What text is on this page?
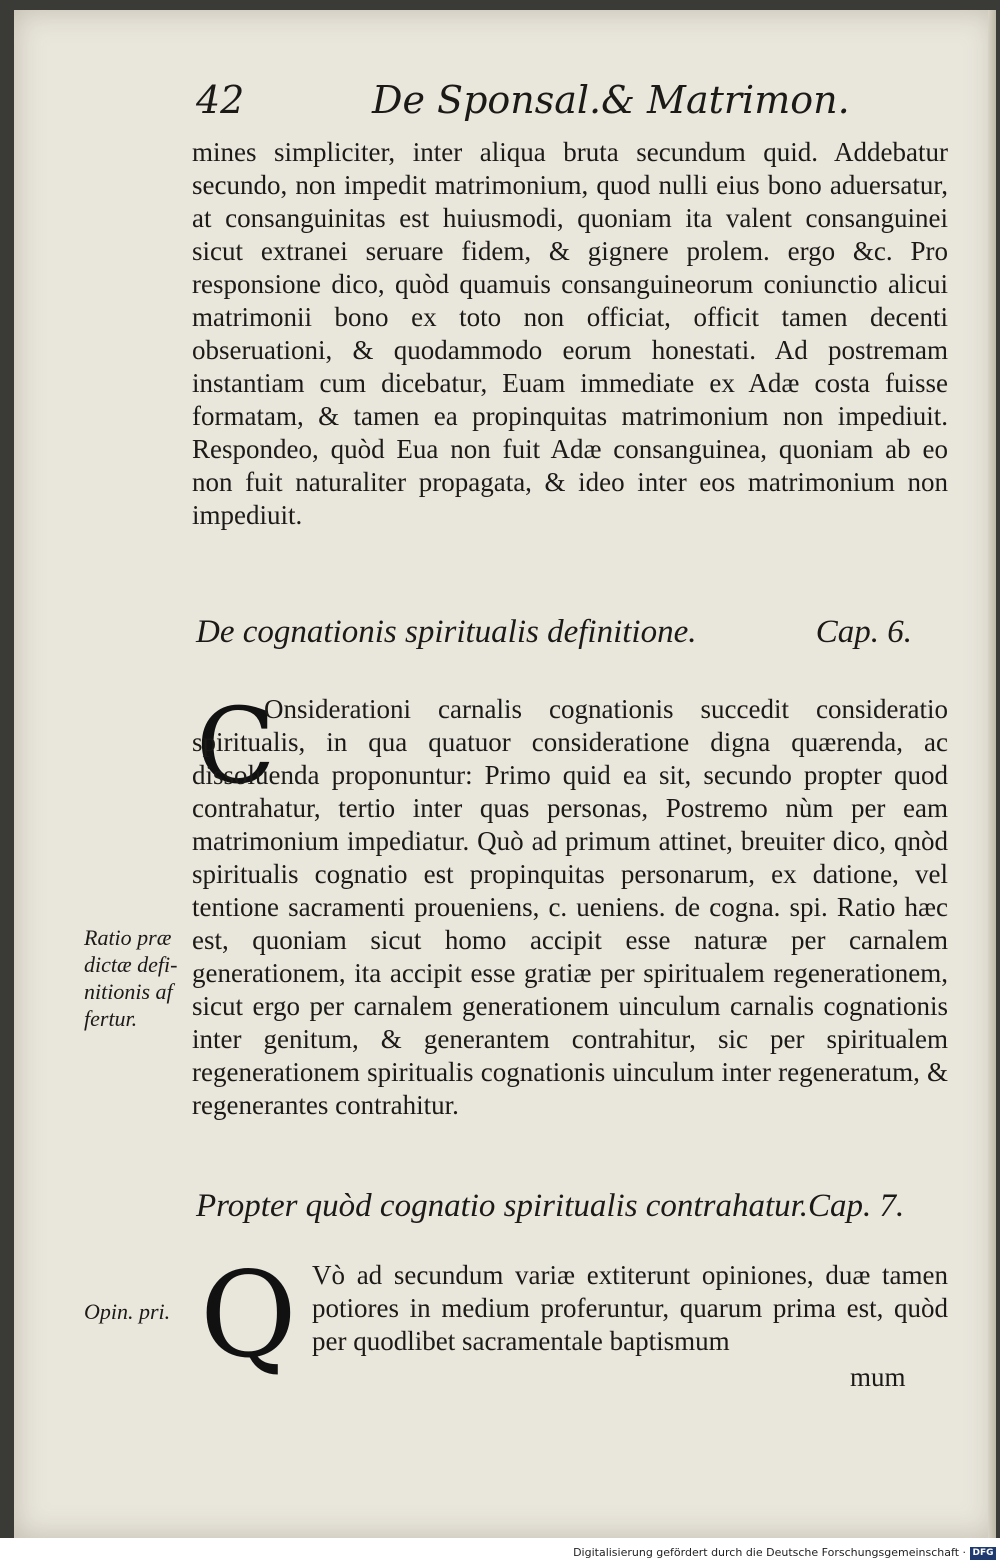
42	De Sponsal.& Matrimon.

mines simpliciter, inter aliqua bruta secundum quid. Addebatur secundo, non impedit matrimonium, quod nulli eius bono aduersatur, at consanguinitas est huiusmodi, quoniam ita valent consanguinei sicut extranei seruare fidem, & gignere prolem. ergo &c. Pro responsione dico, quòd quamuis consanguineorum coniunctio alicui matrimonii bono ex toto non officiat, officit tamen decenti obseruationi, & quodammodo eorum honestati. Ad postremam instantiam cum dicebatur, Euam immediate ex Adæ costa fuisse formatam, & tamen ea propinquitas matrimonium non impediuit. Respondeo, quòd Eua non fuit Adæ consanguinea, quoniam ab eo non fuit naturaliter propagata, & ideo inter eos matrimonium non impediuit.

De cognationis spiritualis definitione.	Cap. 6.
C

Onsiderationi carnalis cognationis succedit consideratio spiritualis, in qua quatuor consideratione digna quærenda, ac dissoluenda proponuntur: Primo quid ea sit, secundo propter quod contrahatur, tertio inter quas personas, Postremo nùm per eam matrimonium impediatur. Quò ad primum attinet, breuiter dico, qnòd spiritualis cognatio est propinquitas personarum, ex datione, vel tentione sacramenti proueniens, c. ueniens. de cogna. spi. Ratio hæc est, quoniam sicut homo accipit esse naturæ per carnalem generationem, ita accipit esse gratiæ per spiritualem regenerationem, sicut ergo per carnalem generationem uinculum carnalis cognationis inter genitum, & generantem contrahitur, sic per spiritualem regenerationem spiritualis cognationis uinculum inter regeneratum, & regenerantes contrahitur.

Ratio præ
dictæ defi-
nitionis af
fertur.
Propter quòd cognatio spiritualis contrahatur.Cap. 7.
Q Vò ad secundum variæ extiterunt opiniones, duæ tamen potiores in medium proferuntur, quarum prima est, quòd per quodlibet sacramentale baptismum

Opin. pri.
mum
Digitalisierung gefördert durch die Deutsche Forschungsgemeinschaft · DFG
